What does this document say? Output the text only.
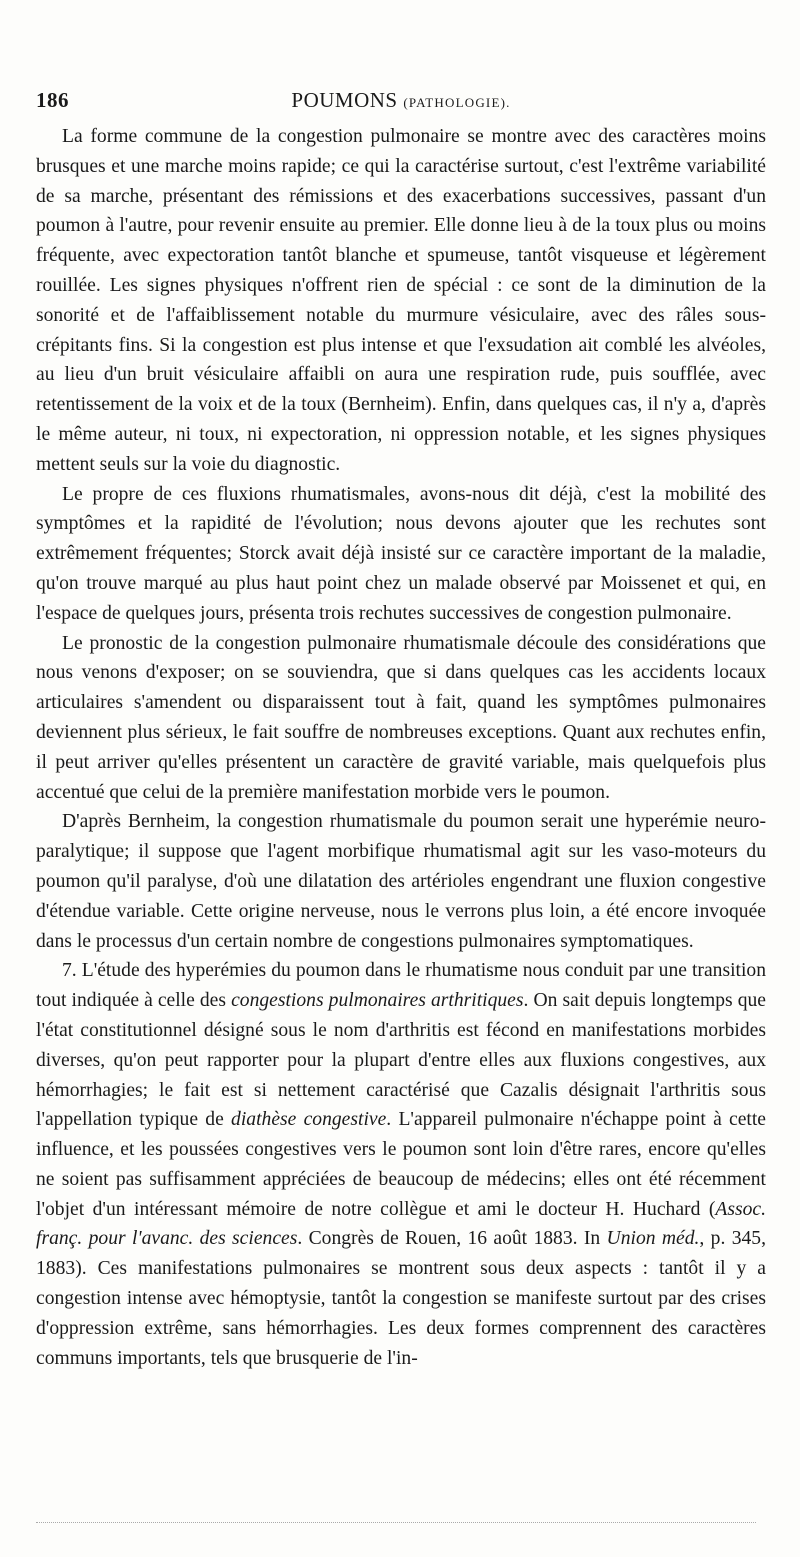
186	POUMONS (PATHOLOGIE).

La forme commune de la congestion pulmonaire se montre avec des caractères moins brusques et une marche moins rapide; ce qui la caractérise surtout, c'est l'extrême variabilité de sa marche, présentant des rémissions et des exacerbations successives, passant d'un poumon à l'autre, pour revenir ensuite au premier. Elle donne lieu à de la toux plus ou moins fréquente, avec expectoration tantôt blanche et spumeuse, tantôt visqueuse et légèrement rouillée. Les signes physiques n'offrent rien de spécial : ce sont de la diminution de la sonorité et de l'affaiblissement notable du murmure vésiculaire, avec des râles sous-crépitants fins. Si la congestion est plus intense et que l'exsudation ait comblé les alvéoles, au lieu d'un bruit vésiculaire affaibli on aura une respiration rude, puis soufflée, avec retentissement de la voix et de la toux (Bernheim). Enfin, dans quelques cas, il n'y a, d'après le même auteur, ni toux, ni expectoration, ni oppression notable, et les signes physiques mettent seuls sur la voie du diagnostic.

Le propre de ces fluxions rhumatismales, avons-nous dit déjà, c'est la mobilité des symptômes et la rapidité de l'évolution; nous devons ajouter que les rechutes sont extrêmement fréquentes; Storck avait déjà insisté sur ce caractère important de la maladie, qu'on trouve marqué au plus haut point chez un malade observé par Moissenet et qui, en l'espace de quelques jours, présenta trois rechutes successives de congestion pulmonaire.

Le pronostic de la congestion pulmonaire rhumatismale découle des considérations que nous venons d'exposer; on se souviendra, que si dans quelques cas les accidents locaux articulaires s'amendent ou disparaissent tout à fait, quand les symptômes pulmonaires deviennent plus sérieux, le fait souffre de nombreuses exceptions. Quant aux rechutes enfin, il peut arriver qu'elles présentent un caractère de gravité variable, mais quelquefois plus accentué que celui de la première manifestation morbide vers le poumon.

D'après Bernheim, la congestion rhumatismale du poumon serait une hyperémie neuro-paralytique; il suppose que l'agent morbifique rhumatismal agit sur les vaso-moteurs du poumon qu'il paralyse, d'où une dilatation des artérioles engendrant une fluxion congestive d'étendue variable. Cette origine nerveuse, nous le verrons plus loin, a été encore invoquée dans le processus d'un certain nombre de congestions pulmonaires symptomatiques.

7. L'étude des hyperémies du poumon dans le rhumatisme nous conduit par une transition tout indiquée à celle des congestions pulmonaires arthritiques. On sait depuis longtemps que l'état constitutionnel désigné sous le nom d'arthritis est fécond en manifestations morbides diverses, qu'on peut rapporter pour la plupart d'entre elles aux fluxions congestives, aux hémorrhagies; le fait est si nettement caractérisé que Cazalis désignait l'arthritis sous l'appellation typique de diathèse congestive. L'appareil pulmonaire n'échappe point à cette influence, et les poussées congestives vers le poumon sont loin d'être rares, encore qu'elles ne soient pas suffisamment appréciées de beaucoup de médecins; elles ont été récemment l'objet d'un intéressant mémoire de notre collègue et ami le docteur H. Huchard (Assoc. franç. pour l'avanc. des sciences. Congrès de Rouen, 16 août 1883. In Union méd., p. 345, 1883). Ces manifestations pulmonaires se montrent sous deux aspects : tantôt il y a congestion intense avec hémoptysie, tantôt la congestion se manifeste surtout par des crises d'oppression extrême, sans hémorrhagies. Les deux formes comprennent des caractères communs importants, tels que brusquerie de l'in-
